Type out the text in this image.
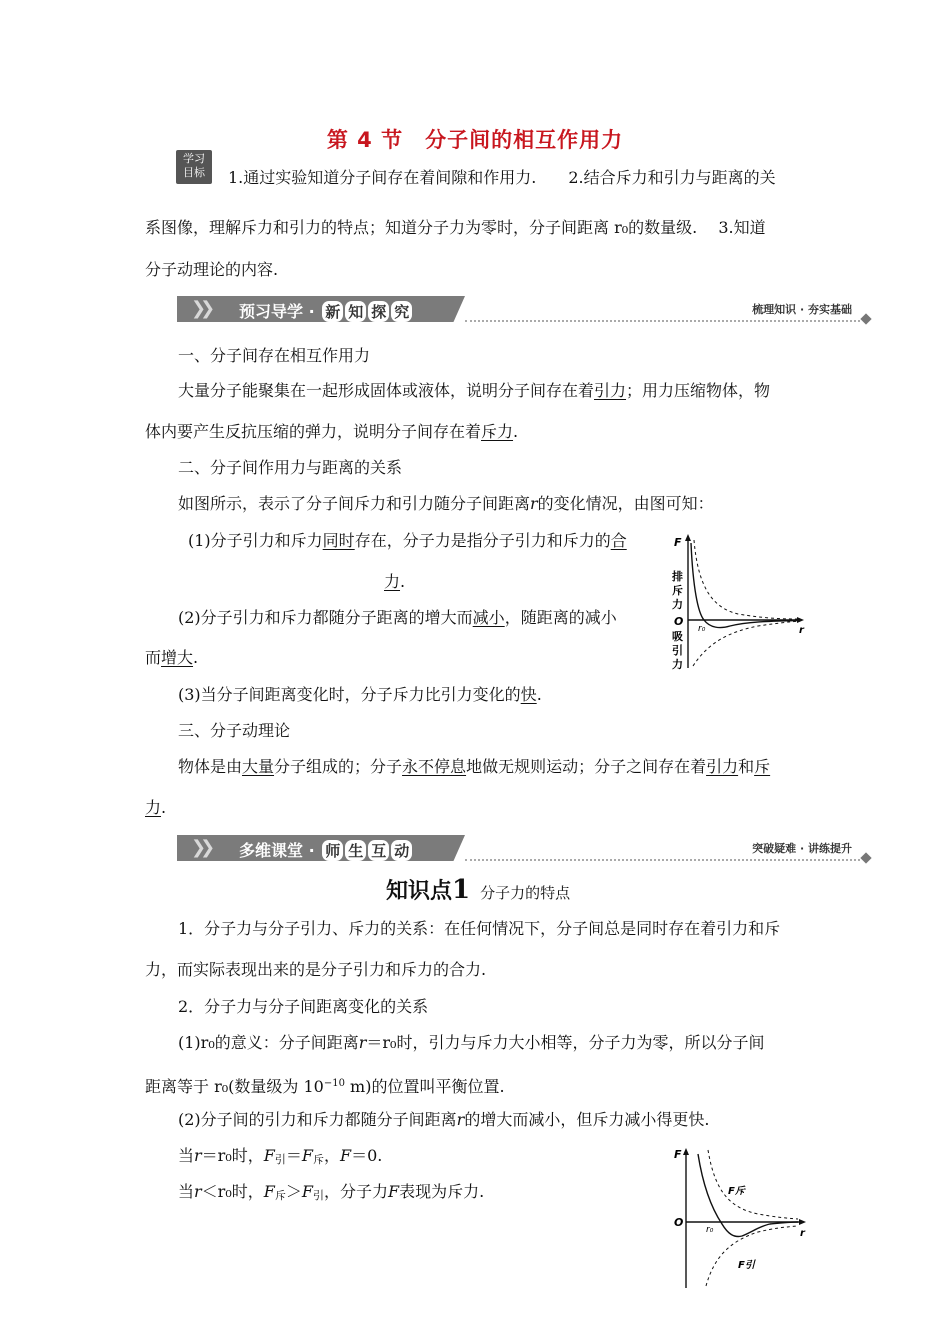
第 4 节　分子间的相互作用力
学习
目标	1.通过实验知道分子间存在着间隙和作用力.　　2.结合斥力和引力与距离的关
系图像，理解斥力和引力的特点；知道分子力为零时，分子间距离 r₀的数量级.　 3.知道
分子动理论的内容.
❯❯ 预习导学 · 新 知 探 究	梳理知识 · 夯实基础
一、分子间存在相互作用力
大量分子能聚集在一起形成固体或液体，说明分子间存在着引力；用力压缩物体，物
体内要产生反抗压缩的弹力，说明分子间存在着斥力.
二、分子间作用力与距离的关系
如图所示，表示了分子间斥力和引力随分子间距离r的变化情况，由图可知：
(1)分子引力和斥力同时存在，分子力是指分子引力和斥力的合
力.
(2)分子引力和斥力都随分子距离的增大而减小，随距离的减小
而增大.
(3)当分子间距离变化时，分子斥力比引力变化的快.
F
排
斥
力
O
吸
引
力
r₀	r
三、分子动理论
物体是由大量分子组成的；分子永不停息地做无规则运动；分子之间存在着引力和斥
力.
❯❯ 多维课堂 · 师 生 互 动	突破疑难 · 讲练提升
知识点1 分子力的特点
1．分子力与分子引力、斥力的关系：在任何情况下，分子间总是同时存在着引力和斥
力，而实际表现出来的是分子引力和斥力的合力.
2．分子力与分子间距离变化的关系
(1)r₀的意义：分子间距离r＝r₀时，引力与斥力大小相等，分子力为零，所以分子间
距离等于 r₀(数量级为 $10^{-10}$ m)的位置叫平衡位置.
(2)分子间的引力和斥力都随分子间距离r的增大而减小，但斥力减小得更快.
当r＝r₀时，F引＝F斥，F＝0.
当r＜r₀时，F斥＞F引，分子力F表现为斥力.
F
F斥
O
r₀	r
F引
